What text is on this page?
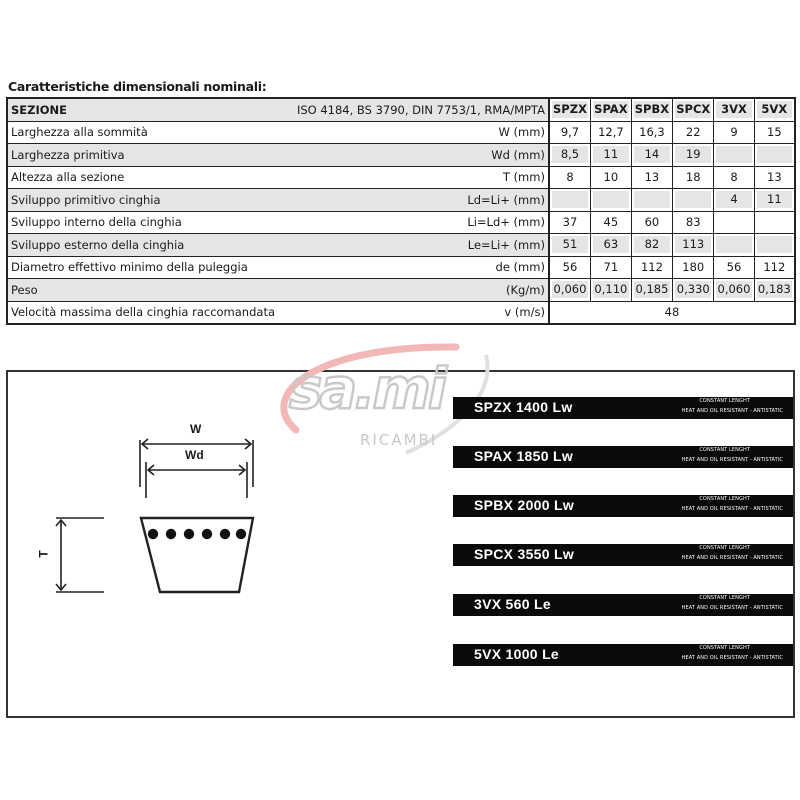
Caratteristiche dimensionali nominali:
SEZIONE	ISO 4184, BS 3790, DIN 7753/1, RMA/MPTA	SPZX	SPAX	SPBX	SPCX	3VX	5VX

Larghezza alla sommità	W (mm)	9,7	12,7	16,3	22	9	15

Larghezza primitiva	Wd (mm)	8,5	11	14	19		

Altezza alla sezione	T (mm)	8	10	13	18	8	13

Sviluppo primitivo cinghia	Ld=Li+ (mm)					4	11

Sviluppo interno della cinghia	Li=Ld+ (mm)	37	45	60	83		

Sviluppo esterno della cinghia	Le=Li+ (mm)	51	63	82	113		

Diametro effettivo minimo della puleggia	de (mm)	56	71	112	180	56	112

Peso	(Kg/m)	0,060	0,110	0,185	0,330	0,060	0,183

Velocità massima della cinghia raccomandata	v (m/s)	48					
sa.mi
RICAMBI
W
Wd
T
SPZX 1400 Lw	CONSTANT LENGHT
HEAT AND OIL RESISTANT - ANTISTATIC
SPAX 1850 Lw	CONSTANT LENGHT
HEAT AND OIL RESISTANT - ANTISTATIC
SPBX 2000 Lw	CONSTANT LENGHT
HEAT AND OIL RESISTANT - ANTISTATIC
SPCX 3550 Lw	CONSTANT LENGHT
HEAT AND OIL RESISTANT - ANTISTATIC
3VX 560 Le	CONSTANT LENGHT
HEAT AND OIL RESISTANT - ANTISTATIC
5VX 1000 Le	CONSTANT LENGHT
HEAT AND OIL RESISTANT - ANTISTATIC
